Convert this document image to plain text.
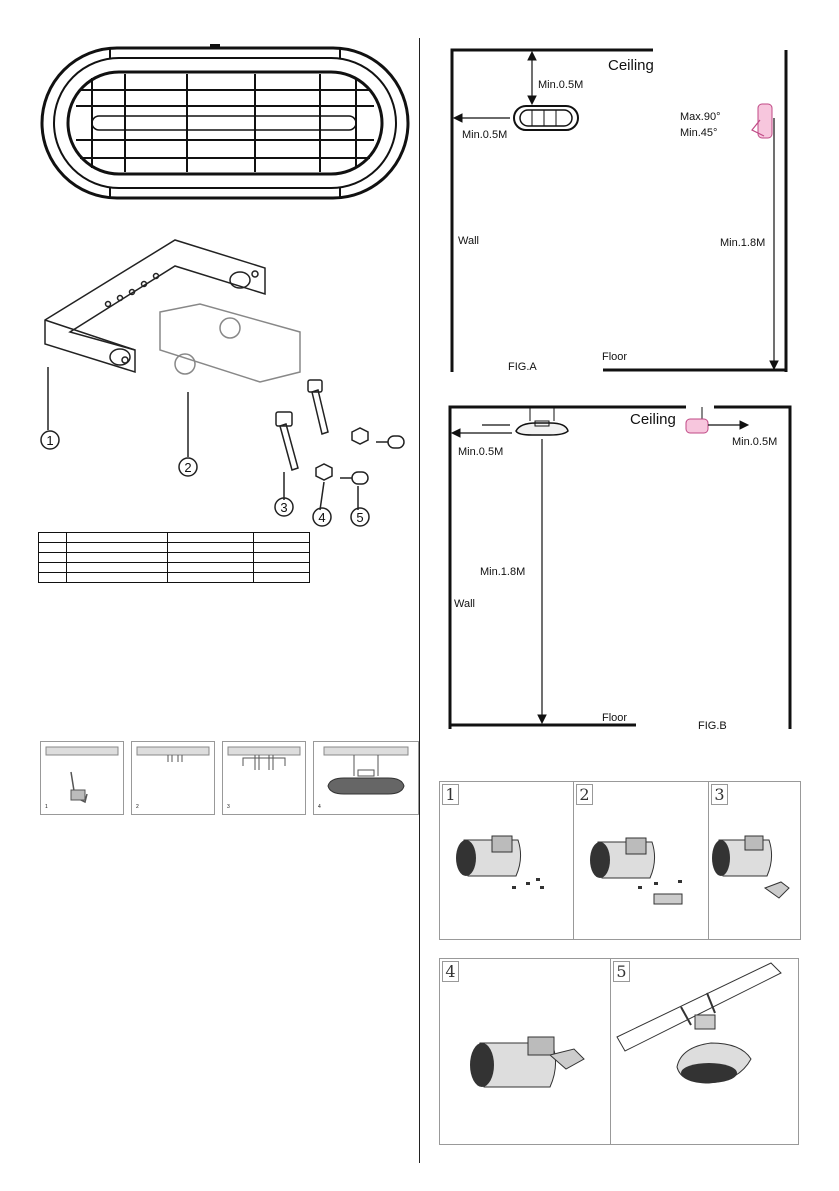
1
2
3
4 5

1	2	3	4
Ceiling
Min.0.5M
Min.0.5M
Max.90°
Min.45°
Wall	Min.1.8M
Floor
FIG.A
Ceiling
Min.0.5M
Min.0.5M
Min.1.8M
Wall
Floor
FIG.B
1	2	3
4	5
